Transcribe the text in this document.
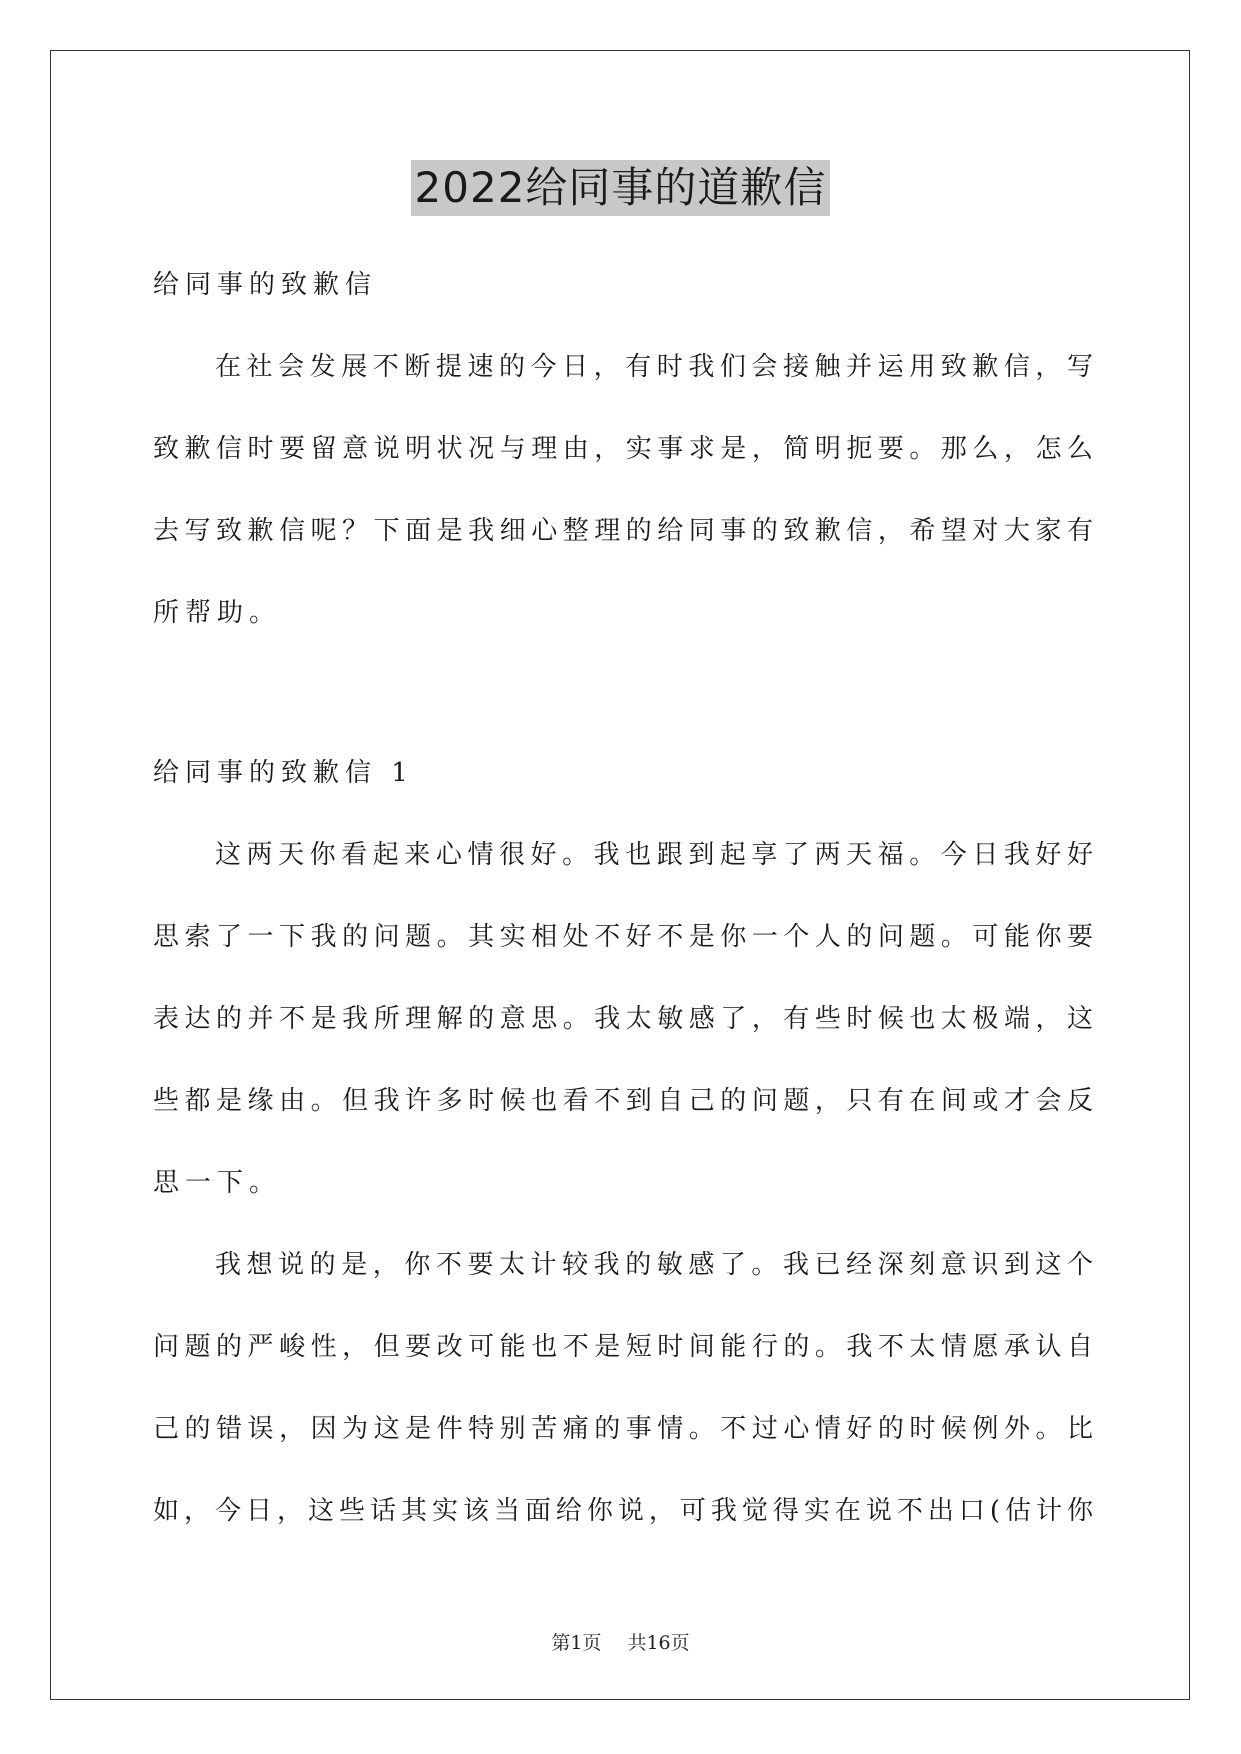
2022给同事的道歉信
给同事的致歉信
在社会发展不断提速的今日，有时我们会接触并运用致歉信，写
致歉信时要留意说明状况与理由，实事求是，简明扼要。那么，怎么
去写致歉信呢？下面是我细心整理的给同事的致歉信，希望对大家有
所帮助。
给同事的致歉信 1
这两天你看起来心情很好。我也跟到起享了两天福。今日我好好
思索了一下我的问题。其实相处不好不是你一个人的问题。可能你要
表达的并不是我所理解的意思。我太敏感了，有些时候也太极端，这
些都是缘由。但我许多时候也看不到自己的问题，只有在间或才会反
思一下。
我想说的是，你不要太计较我的敏感了。我已经深刻意识到这个
问题的严峻性，但要改可能也不是短时间能行的。我不太情愿承认自
己的错误，因为这是件特别苦痛的事情。不过心情好的时候例外。比
如，今日，这些话其实该当面给你说，可我觉得实在说不出口(估计你
第1页 共16页
